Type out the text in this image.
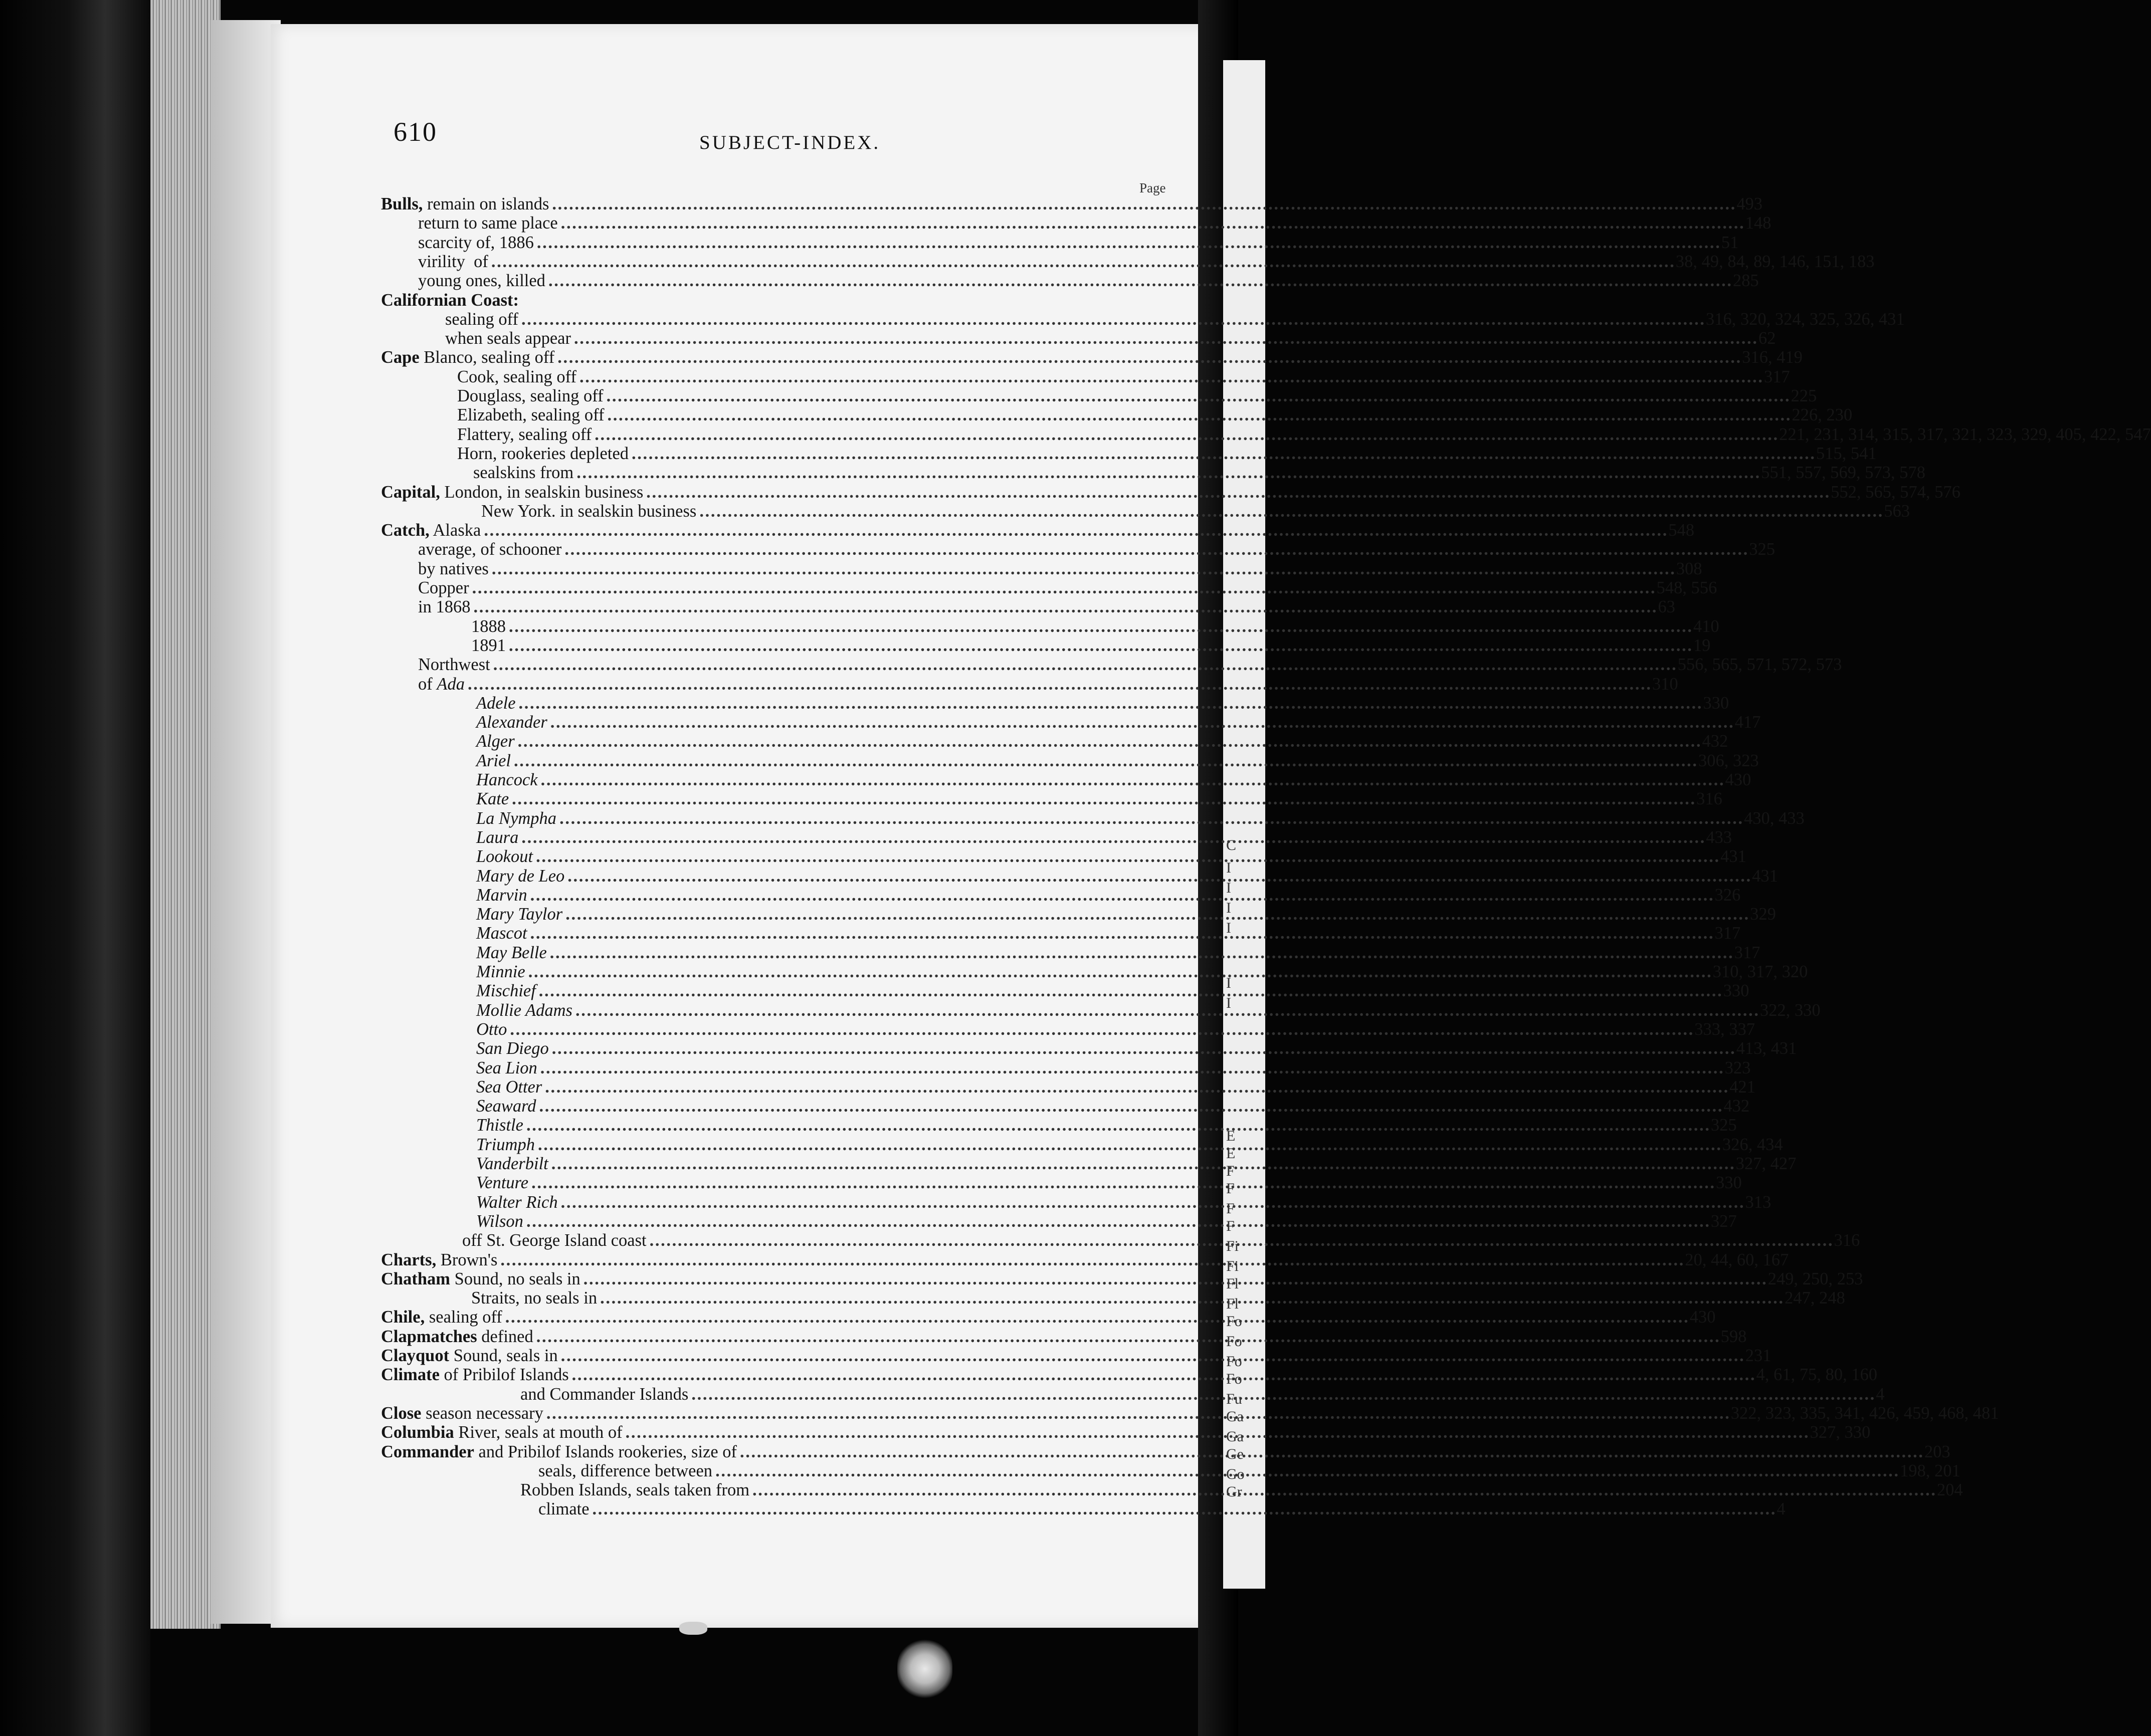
C
I
I
I
I
I
I
E
E
F
F
F
F
Fi
Fi
Fl
Fl
Fo
Fo
Fo
Fo
Fu
Ga
Ga
Ge
Go
Gr
610	SUBJECT-INDEX.
Page
Bulls, remain on islands . . .	493
return to same place . . .	148
scarcity of, 1886 . . .	51
virility  of . . .	38, 49, 84, 89, 146, 151, 183
young ones, killed . . .	285
Californian Coast:
sealing off . . .	316, 320, 324, 325, 326, 431
when seals appear . . .	62
Cape Blanco, sealing off . . .	316, 419
Cook, sealing off . . .	317
Douglass, sealing off . . .	225
Elizabeth, sealing off . . .	226, 230
Flattery, sealing off . . .	221, 231, 314, 315, 317, 321, 323, 329, 405, 422, 547
Horn, rookeries depleted . . .	515, 541
sealskins from . . .	551, 557, 569, 573, 578
Capital, London, in sealskin business . . .	552, 565, 574, 576
New York. in sealskin business . . .	563
Catch, Alaska . . .	548
average, of schooner . . .	325
by natives . . .	308
Copper . . .	548, 556
in 1868 . . .	63
1888 . . .	410
1891 . . .	19
Northwest . . .	556, 565, 571, 572, 573
of Ada . . .	310
Adele . . .	330
Alexander . . .	417
Alger . . .	432
Ariel . . .	306, 323
Hancock . . .	430
Kate . . .	316
La Nympha . . .	430, 433
Laura . . .	433
Lookout . . .	431
Mary de Leo . . .	431
Marvin . . .	326
Mary Taylor . . .	329
Mascot . . .	317
May Belle . . .	317
Minnie . . .	310, 317, 320
Mischief . . .	330
Mollie Adams . . .	322, 330
Otto . . .	333, 337
San Diego . . .	413, 431
Sea Lion . . .	323
Sea Otter . . .	421
Seaward . . .	432
Thistle . . .	325
Triumph . . .	326, 434
Vanderbilt . . .	327, 427
Venture . . .	330
Walter Rich . . .	313
Wilson . . .	327
off St. George Island coast . . .	316
Charts, Brown's . . .	20, 44, 60, 167
Chatham Sound, no seals in . . .	249, 250, 253
Straits, no seals in . . .	247, 248
Chile, sealing off . . .	430
Clapmatches defined . . .	598
Clayquot Sound, seals in . . .	231
Climate of Pribilof Islands . . .	4, 61, 75, 80, 160
and Commander Islands . . .	4
Close season necessary . . .	322, 323, 335, 341, 426, 459, 468, 481
Columbia River, seals at mouth of . . .	327, 330
Commander and Pribilof Islands rookeries, size of . . .	203
seals, difference between . . .	198, 201
Robben Islands, seals taken from . . .	204
climate . . .	4
